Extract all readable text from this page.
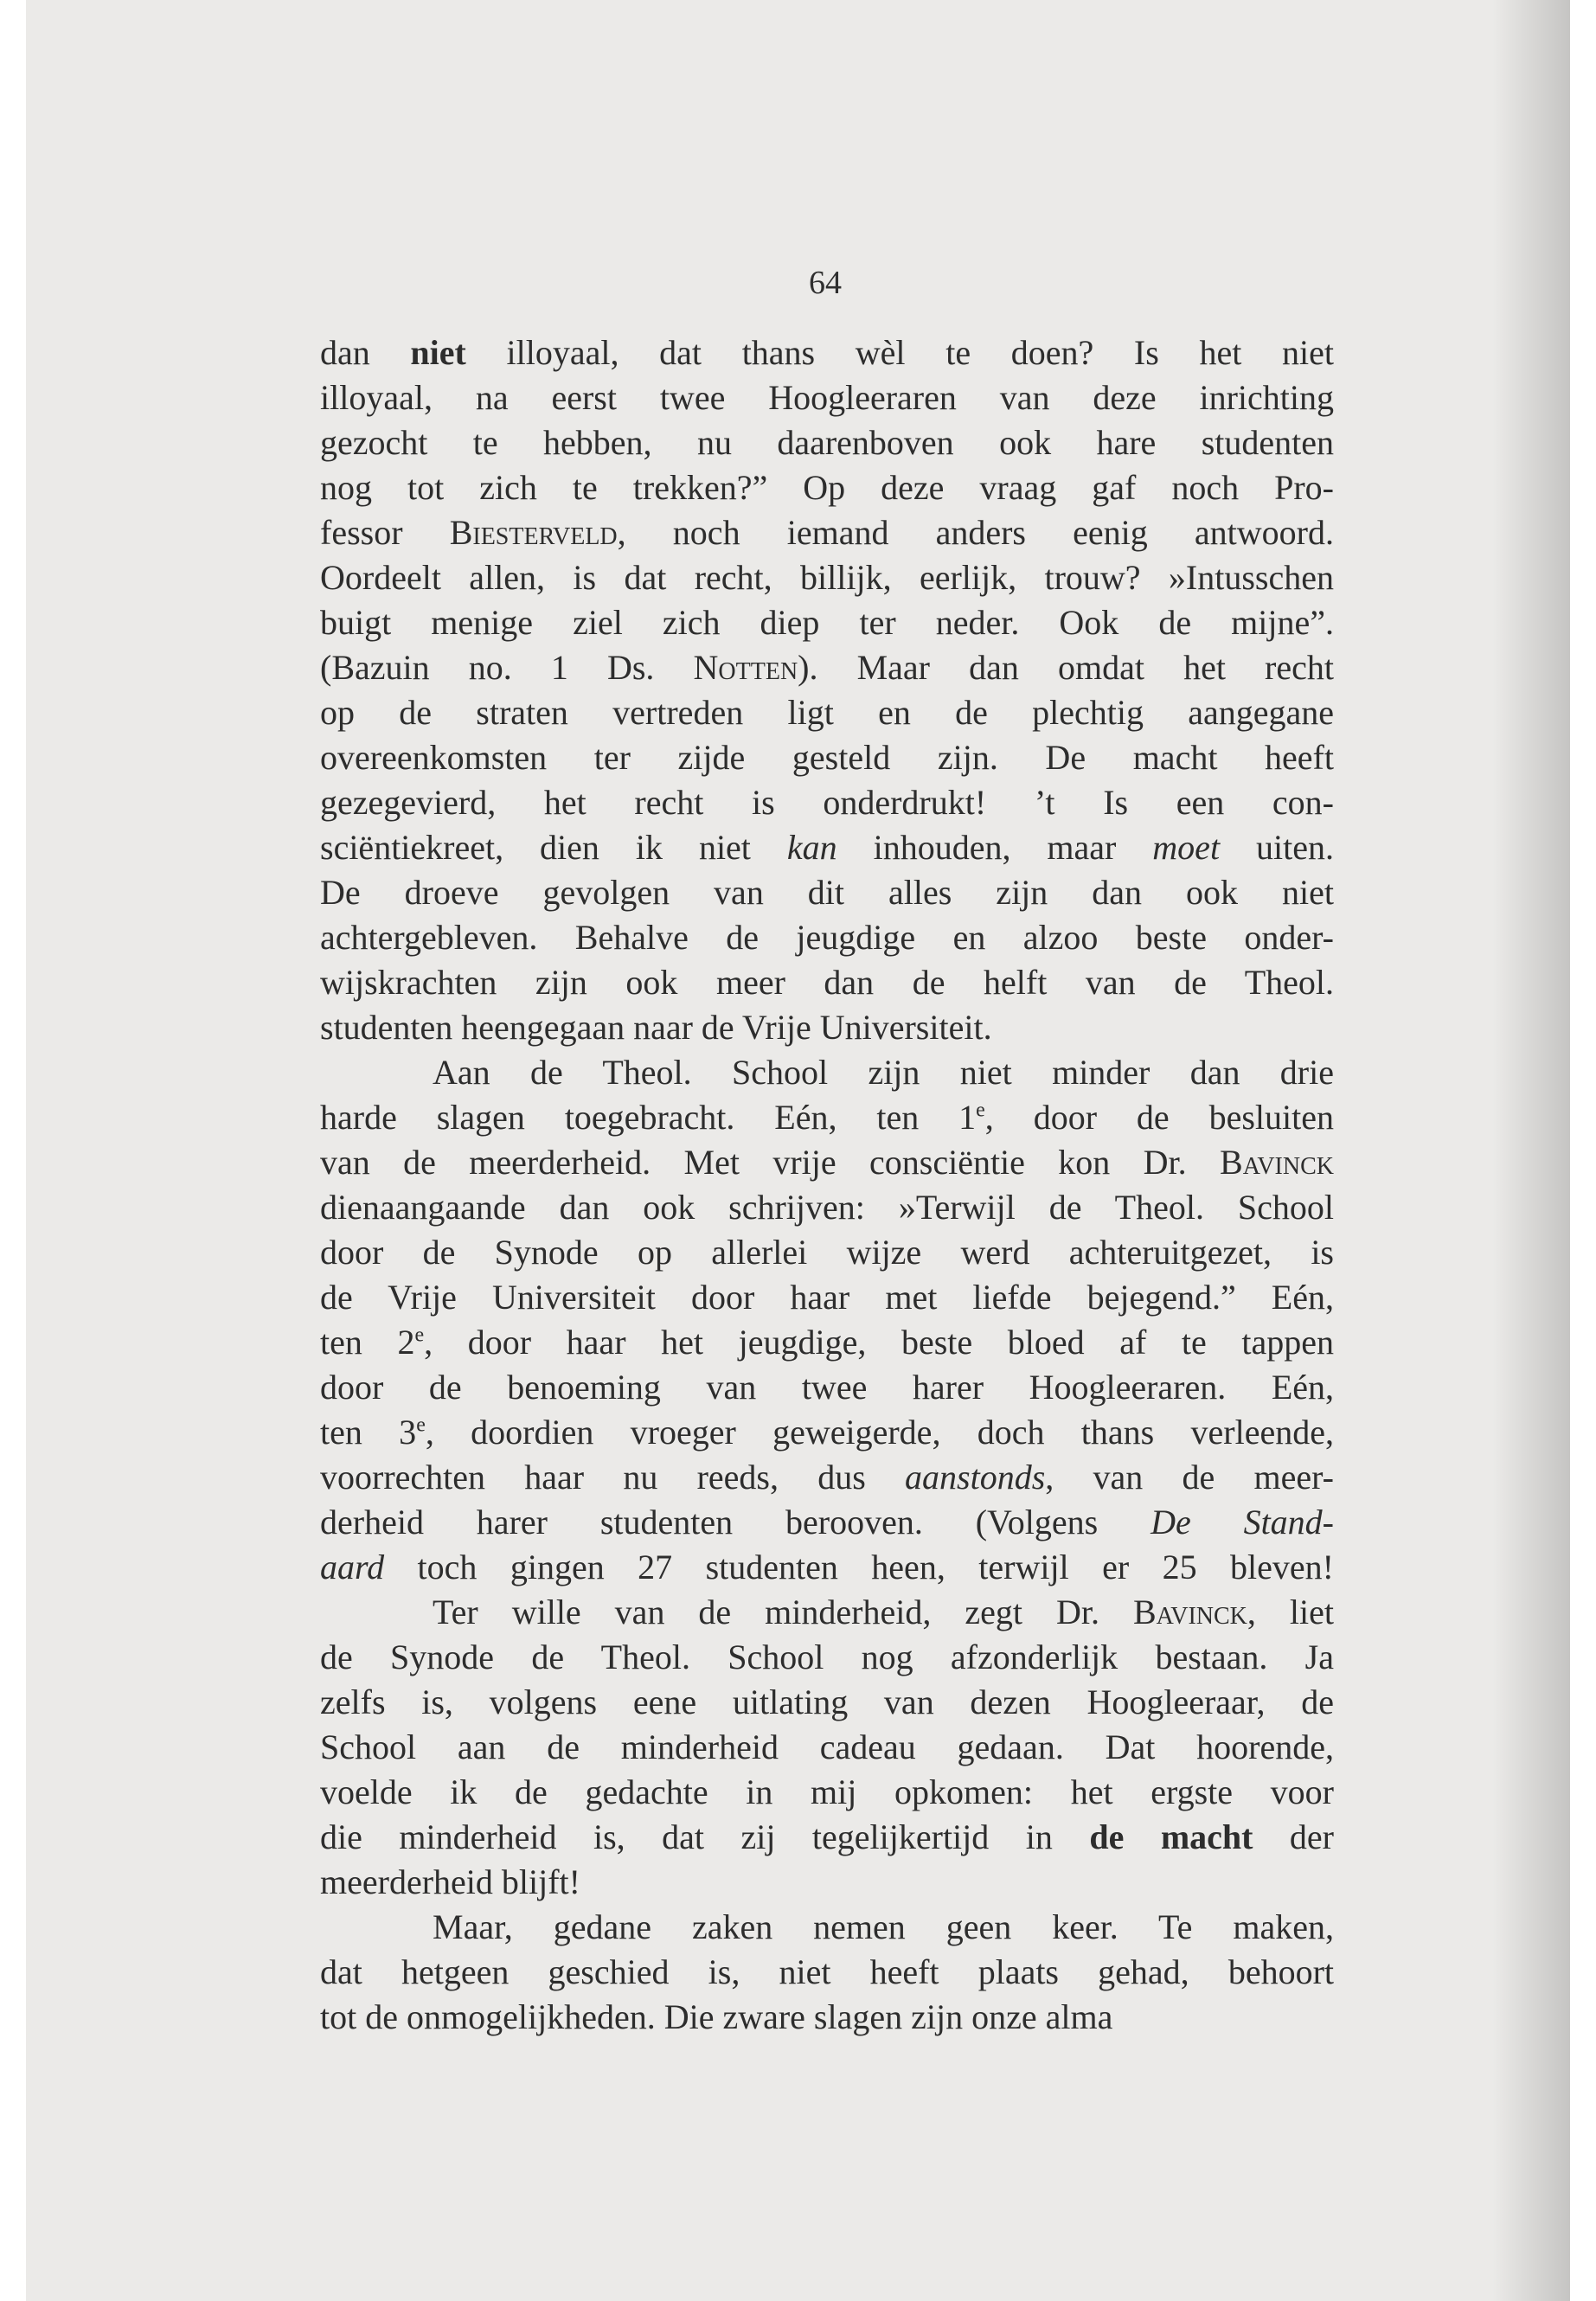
64
dan niet illoyaal, dat thans wèl te doen? Is het niet
illoyaal, na eerst twee Hoogleeraren van deze inrichting
gezocht te hebben, nu daarenboven ook hare studenten
nog tot zich te trekken?” Op deze vraag gaf noch Pro-
fessor Biesterveld, noch iemand anders eenig antwoord.
Oordeelt allen, is dat recht, billijk, eerlijk, trouw? »Intusschen
buigt menige ziel zich diep ter neder. Ook de mijne”.
(Bazuin no. 1 Ds. Notten). Maar dan omdat het recht
op de straten vertreden ligt en de plechtig aangegane
overeenkomsten ter zijde gesteld zijn. De macht heeft
gezegevierd, het recht is onderdrukt! ’t Is een con-
sciëntiekreet, dien ik niet kan inhouden, maar moet uiten.
De droeve gevolgen van dit alles zijn dan ook niet
achtergebleven. Behalve de jeugdige en alzoo beste onder-
wijskrachten zijn ook meer dan de helft van de Theol.
studenten heengegaan naar de Vrije Universiteit.
Aan de Theol. School zijn niet minder dan drie
harde slagen toegebracht. Eén, ten 1e, door de besluiten
van de meerderheid. Met vrije consciëntie kon Dr. Bavinck
dienaangaande dan ook schrijven: »Terwijl de Theol. School
door de Synode op allerlei wijze werd achteruitgezet, is
de Vrije Universiteit door haar met liefde bejegend.” Eén,
ten 2e, door haar het jeugdige, beste bloed af te tappen
door de benoeming van twee harer Hoogleeraren. Eén,
ten 3e, doordien vroeger geweigerde, doch thans verleende,
voorrechten haar nu reeds, dus aanstonds, van de meer-
derheid harer studenten berooven. (Volgens De Stand-
aard toch gingen 27 studenten heen, terwijl er 25 bleven!
Ter wille van de minderheid, zegt Dr. Bavinck, liet
de Synode de Theol. School nog afzonderlijk bestaan. Ja
zelfs is, volgens eene uitlating van dezen Hoogleeraar, de
School aan de minderheid cadeau gedaan. Dat hoorende,
voelde ik de gedachte in mij opkomen: het ergste voor
die minderheid is, dat zij tegelijkertijd in de macht der
meerderheid blijft!
Maar, gedane zaken nemen geen keer. Te maken,
dat hetgeen geschied is, niet heeft plaats gehad, behoort
tot de onmogelijkheden. Die zware slagen zijn onze alma
